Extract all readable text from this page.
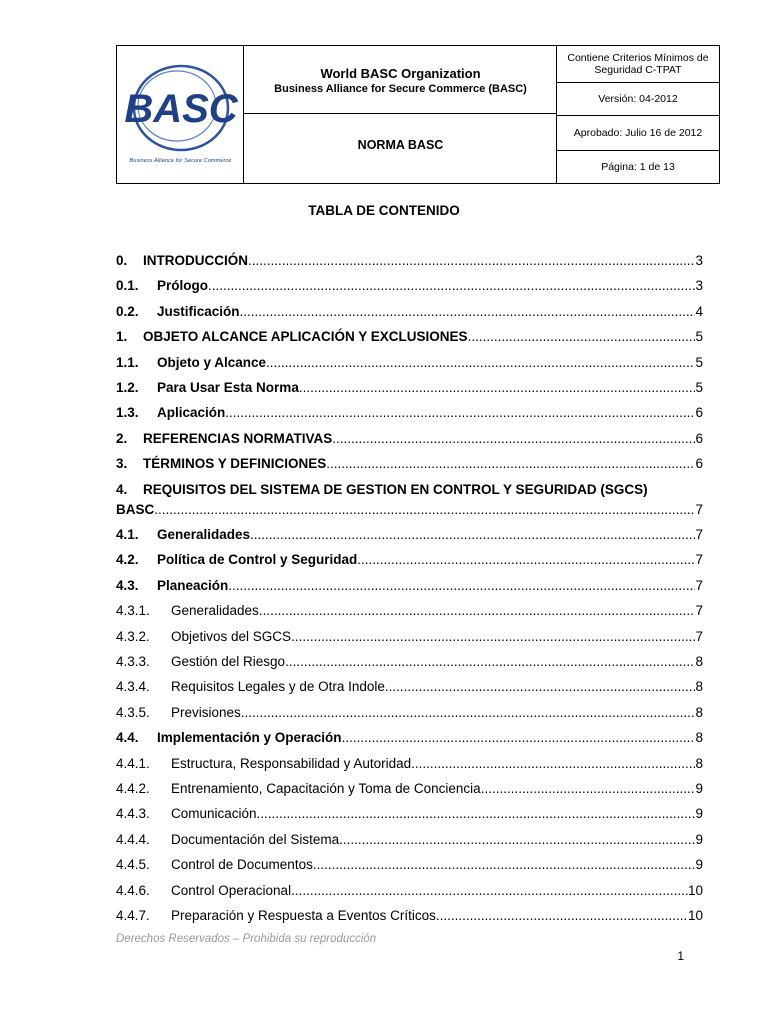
BASC
Business Alliance for Secure Commerce
World BASC Organization
Business Alliance for Secure Commerce (BASC)
NORMA BASC
Contiene Criterios Mínimos de Seguridad C-TPAT
Versión: 04-2012
Aprobado: Julio 16 de 2012
Página: 1 de 13
TABLA DE CONTENIDO
0.	INTRODUCCIÓN .....	3
0.1.	Prólogo .....	3
0.2.	Justificación .....	4
1.	OBJETO ALCANCE APLICACIÓN Y EXCLUSIONES .....	5
1.1.	Objeto y Alcance .....	5
1.2.	Para Usar Esta Norma .....	5
1.3.	Aplicación .....	6
2.	REFERENCIAS NORMATIVAS .....	6
3.	TÉRMINOS Y DEFINICIONES .....	6
4. REQUISITOS DEL SISTEMA DE GESTION EN CONTROL Y SEGURIDAD (SGCS)
BASC .....	7
4.1.	Generalidades .....	7
4.2.	Política de Control y Seguridad .....	7
4.3.	Planeación .....	7
4.3.1.	Generalidades .....	7
4.3.2.	Objetivos del SGCS .....	7
4.3.3.	Gestión del Riesgo .....	8
4.3.4.	Requisitos Legales y de Otra Indole .....	8
4.3.5.	Previsiones .....	8
4.4.	Implementación y Operación .....	8
4.4.1.	Estructura, Responsabilidad y Autoridad .....	8
4.4.2.	Entrenamiento, Capacitación y Toma de Conciencia .....	9
4.4.3.	Comunicación .....	9
4.4.4.	Documentación del Sistema .....	9
4.4.5.	Control de Documentos .....	9
4.4.6.	Control Operacional .....	10
4.4.7.	Preparación y Respuesta a Eventos Críticos .....	10
Derechos Reservados – Prohibida su reproducción
1
